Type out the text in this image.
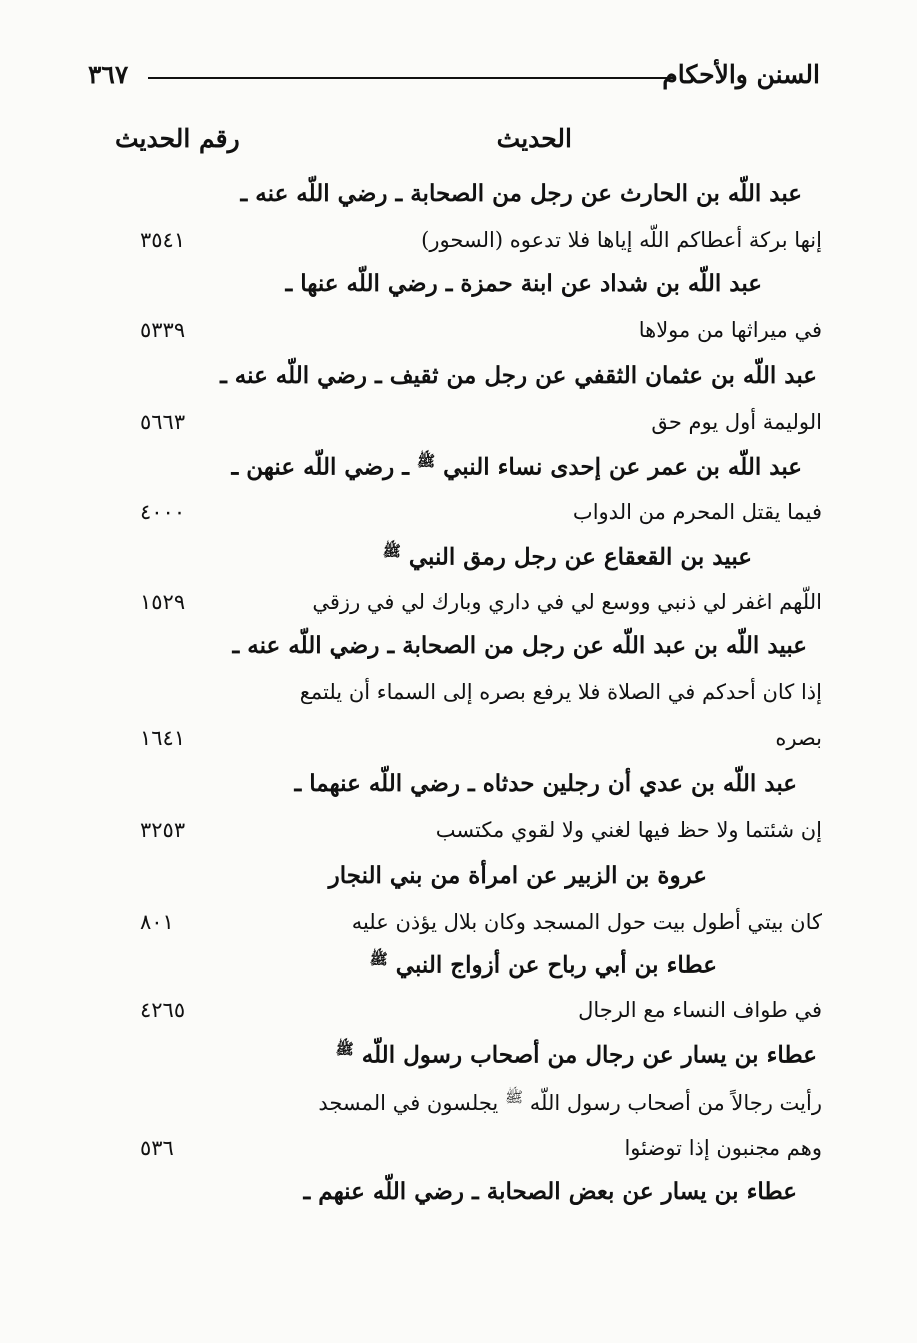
السنن والأحكام
٣٦٧
الحديث
رقم الحديث
عبد اللّه بن الحارث عن رجل من الصحابة ـ رضي اللّه عنه ـ
إنها بركة أعطاكم اللّه إياها فلا تدعوه (السحور)
٣٥٤١
عبد اللّه بن شداد عن ابنة حمزة ـ رضي اللّه عنها ـ
في ميراثها من مولاها
٥٣٣٩
عبد اللّه بن عثمان الثقفي عن رجل من ثقيف ـ رضي اللّه عنه ـ
الوليمة أول يوم حق
٥٦٦٣
عبد اللّه بن عمر عن إحدى نساء النبي $^ﷺ$ ـ رضي اللّه عنهن ـ
فيما يقتل المحرم من الدواب
٤٠٠٠
عبيد بن القعقاع عن رجل رمق النبي $^ﷺ$
اللّهم اغفر لي ذنبي ووسع لي في داري وبارك لي في رزقي
١٥٢٩
عبيد اللّه بن عبد اللّه عن رجل من الصحابة ـ رضي اللّه عنه ـ
إذا كان أحدكم في الصلاة فلا يرفع بصره إلى السماء أن يلتمع
بصره
١٦٤١
عبد اللّه بن عدي أن رجلين حدثاه ـ رضي اللّه عنهما ـ
إن شئتما ولا حظ فيها لغني ولا لقوي مكتسب
٣٢٥٣
عروة بن الزبير عن امرأة من بني النجار
كان بيتي أطول بيت حول المسجد وكان بلال يؤذن عليه
٨٠١
عطاء بن أبي رباح عن أزواج النبي $^ﷺ$
في طواف النساء مع الرجال
٤٢٦٥
عطاء بن يسار عن رجال من أصحاب رسول اللّه $^ﷺ$
رأيت رجالاً من أصحاب رسول اللّه $^ﷺ$ يجلسون في المسجد
وهم مجنبون إذا توضئوا
٥٣٦
عطاء بن يسار عن بعض الصحابة ـ رضي اللّه عنهم ـ
